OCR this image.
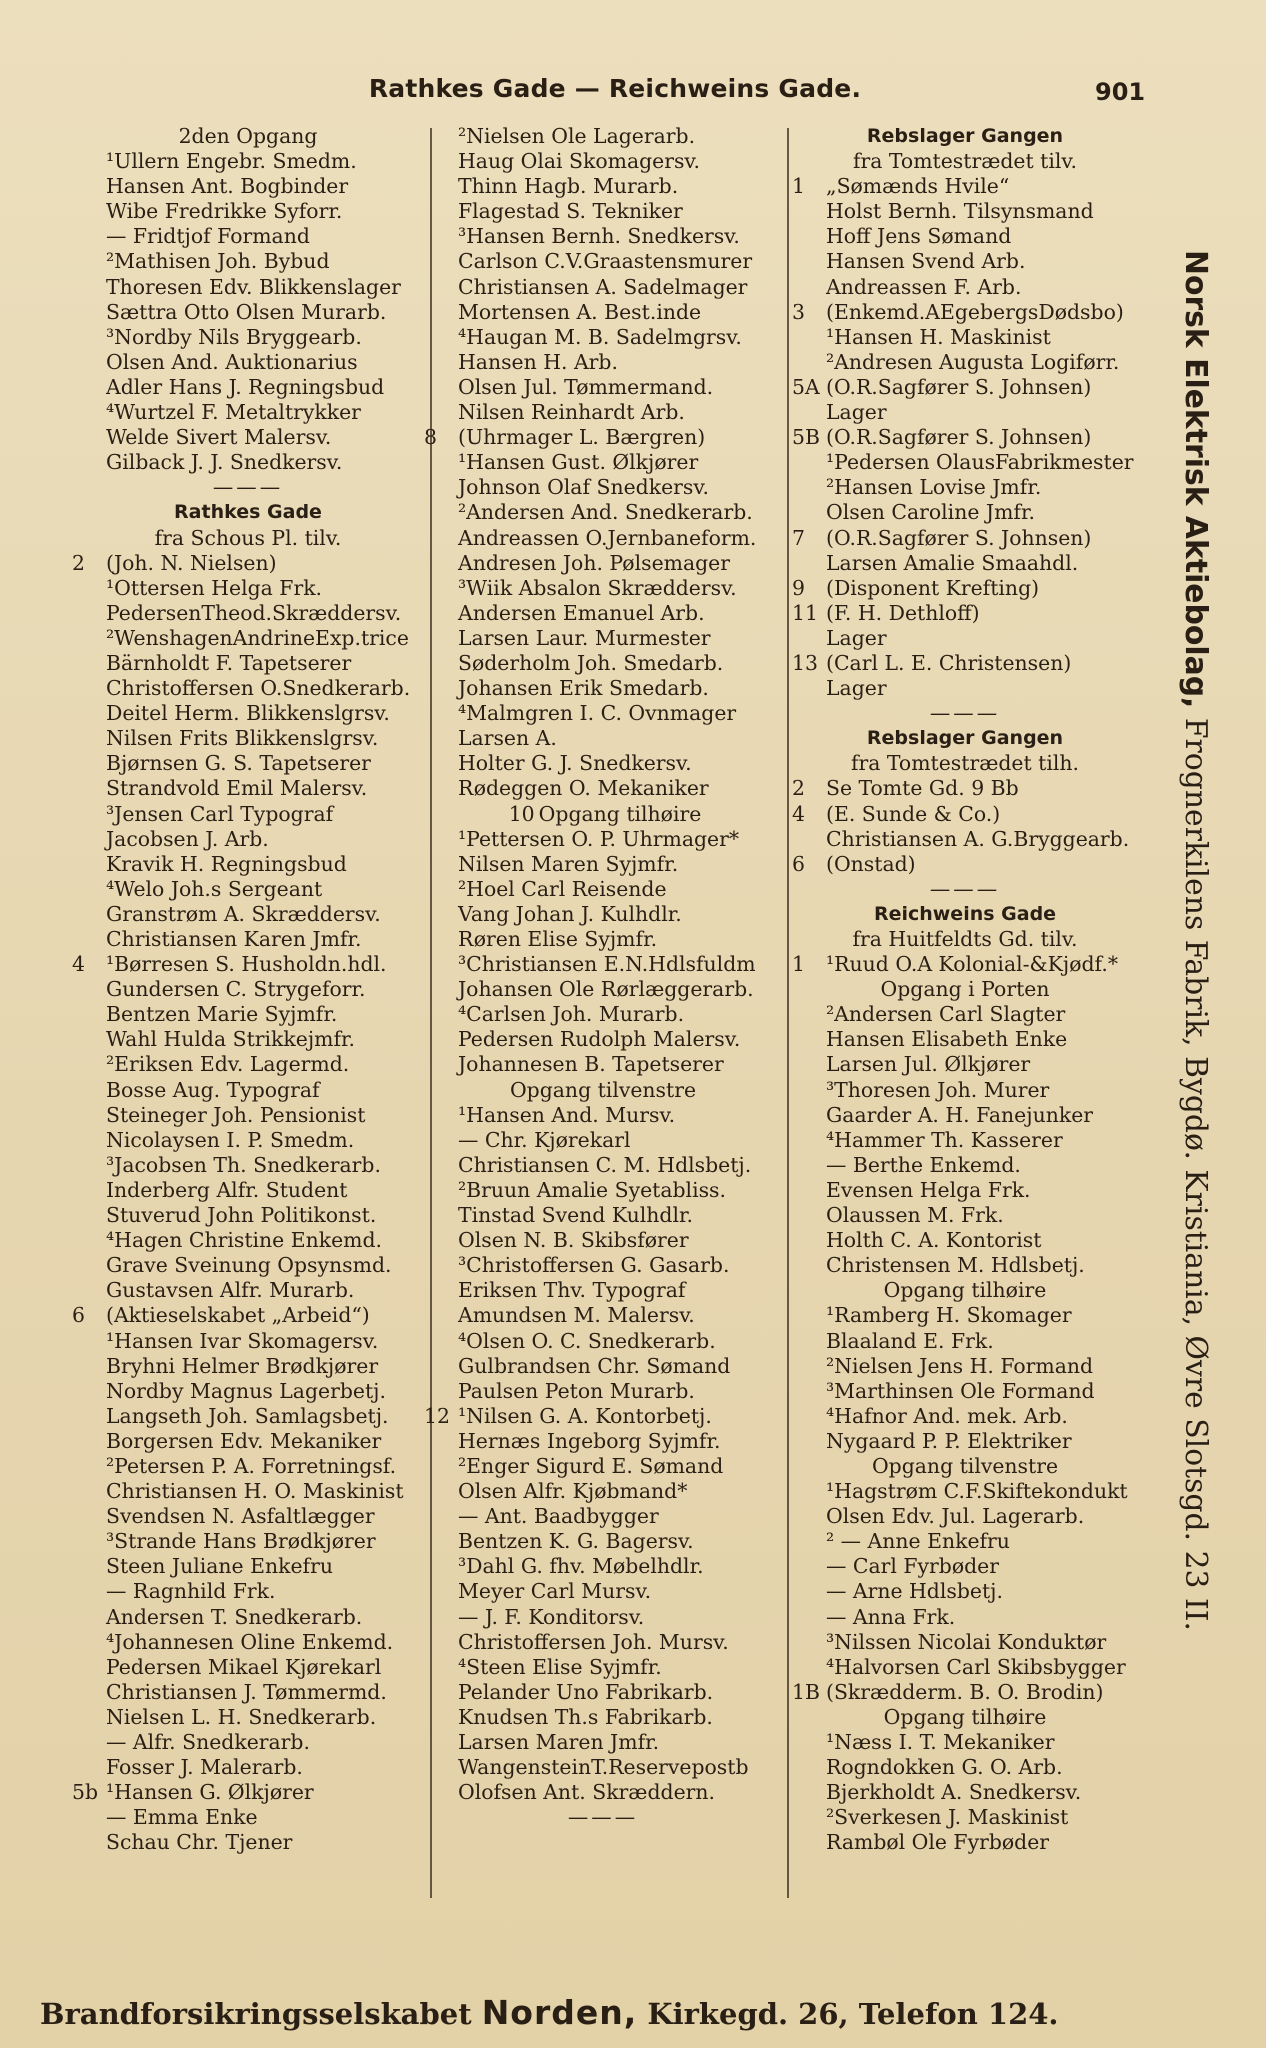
Rathkes Gade — Reichweins Gade.	901
2den Opgang
¹Ullern Engebr. Smedm.
Hansen Ant. Bogbinder
Wibe Fredrikke Syforr.
— Fridtjof Formand
²Mathisen Joh. Bybud
Thoresen Edv. Blikkenslager
Sættra Otto Olsen Murarb.
³Nordby Nils Bryggearb.
Olsen And. Auktionarius
Adler Hans J. Regningsbud
⁴Wurtzel F. Metaltrykker
Welde Sivert Malersv.
Gilback J. J. Snedkersv.
———
Rathkes Gade
fra Schous Pl. tilv.
2 (Joh. N. Nielsen)
¹Ottersen Helga Frk.
PedersenTheod.Skræddersv.
²WenshagenAndrineExp.trice
Bärnholdt F. Tapetserer
Christoffersen O.Snedkerarb.
Deitel Herm. Blikkenslgrsv.
Nilsen Frits Blikkenslgrsv.
Bjørnsen G. S. Tapetserer
Strandvold Emil Malersv.
³Jensen Carl Typograf
Jacobsen J. Arb.
Kravik H. Regningsbud
⁴Welo Joh.s Sergeant
Granstrøm A. Skræddersv.
Christiansen Karen Jmfr.
4 ¹Børresen S. Husholdn.hdl.
Gundersen C. Strygeforr.
Bentzen Marie Syjmfr.
Wahl Hulda Strikkejmfr.
²Eriksen Edv. Lagermd.
Bosse Aug. Typograf
Steineger Joh. Pensionist
Nicolaysen I. P. Smedm.
³Jacobsen Th. Snedkerarb.
Inderberg Alfr. Student
Stuverud John Politikonst.
⁴Hagen Christine Enkemd.
Grave Sveinung Opsynsmd.
Gustavsen Alfr. Murarb.
6 (Aktieselskabet „Arbeid“)
¹Hansen Ivar Skomagersv.
Bryhni Helmer Brødkjører
Nordby Magnus Lagerbetj.
Langseth Joh. Samlagsbetj.
Borgersen Edv. Mekaniker
²Petersen P. A. Forretningsf.
Christiansen H. O. Maskinist
Svendsen N. Asfaltlægger
³Strande Hans Brødkjører
Steen Juliane Enkefru
— Ragnhild Frk.
Andersen T. Snedkerarb.
⁴Johannesen Oline Enkemd.
Pedersen Mikael Kjørekarl
Christiansen J. Tømmermd.
Nielsen L. H. Snedkerarb.
— Alfr. Snedkerarb.
Fosser J. Malerarb.
5b ¹Hansen G. Ølkjører
— Emma Enke
Schau Chr. Tjener
²Nielsen Ole Lagerarb.
Haug Olai Skomagersv.
Thinn Hagb. Murarb.
Flagestad S. Tekniker
³Hansen Bernh. Snedkersv.
Carlson C.V.Graastensmurer
Christiansen A. Sadelmager
Mortensen A. Best.inde
⁴Haugan M. B. Sadelmgrsv.
Hansen H. Arb.
Olsen Jul. Tømmermand.
Nilsen Reinhardt Arb.
8 (Uhrmager L. Bærgren)
¹Hansen Gust. Ølkjører
Johnson Olaf Snedkersv.
²Andersen And. Snedkerarb.
Andreassen O.Jernbaneform.
Andresen Joh. Pølsemager
³Wiik Absalon Skræddersv.
Andersen Emanuel Arb.
Larsen Laur. Murmester
Søderholm Joh. Smedarb.
Johansen Erik Smedarb.
⁴Malmgren I. C. Ovnmager
Larsen A.
Holter G. J. Snedkersv.
Rødeggen O. Mekaniker
10 Opgang tilhøire
¹Pettersen O. P. Uhrmager*
Nilsen Maren Syjmfr.
²Hoel Carl Reisende
Vang Johan J. Kulhdlr.
Røren Elise Syjmfr.
³Christiansen E.N.Hdlsfuldm
Johansen Ole Rørlæggerarb.
⁴Carlsen Joh. Murarb.
Pedersen Rudolph Malersv.
Johannesen B. Tapetserer
Opgang tilvenstre
¹Hansen And. Mursv.
— Chr. Kjørekarl
Christiansen C. M. Hdlsbetj.
²Bruun Amalie Syetabliss.
Tinstad Svend Kulhdlr.
Olsen N. B. Skibsfører
³Christoffersen G. Gasarb.
Eriksen Thv. Typograf
Amundsen M. Malersv.
⁴Olsen O. C. Snedkerarb.
Gulbrandsen Chr. Sømand
Paulsen Peton Murarb.
12 ¹Nilsen G. A. Kontorbetj.
Hernæs Ingeborg Syjmfr.
²Enger Sigurd E. Sømand
Olsen Alfr. Kjøbmand*
— Ant. Baadbygger
Bentzen K. G. Bagersv.
³Dahl G. fhv. Møbelhdlr.
Meyer Carl Mursv.
— J. F. Konditorsv.
Christoffersen Joh. Mursv.
⁴Steen Elise Syjmfr.
Pelander Uno Fabrikarb.
Knudsen Th.s Fabrikarb.
Larsen Maren Jmfr.
WangensteinT.Reservepostb
Olofsen Ant. Skræddern.
———
Rebslager Gangen
fra Tomtestrædet tilv.
1 „Sømænds Hvile“
Holst Bernh. Tilsynsmand
Hoff Jens Sømand
Hansen Svend Arb.
Andreassen F. Arb.
3 (Enkemd.AEgebergsDødsbo)
¹Hansen H. Maskinist
²Andresen Augusta Logiførr.
5A (O.R.Sagfører S. Johnsen)
Lager
5B (O.R.Sagfører S. Johnsen)
¹Pedersen OlausFabrikmester
²Hansen Lovise Jmfr.
Olsen Caroline Jmfr.
7 (O.R.Sagfører S. Johnsen)
Larsen Amalie Smaahdl.
9 (Disponent Krefting)
11 (F. H. Dethloff)
Lager
13 (Carl L. E. Christensen)
Lager
———
Rebslager Gangen
fra Tomtestrædet tilh.
2 Se Tomte Gd. 9 Bb
4 (E. Sunde & Co.)
Christiansen A. G.Bryggearb.
6 (Onstad)
———
Reichweins Gade
fra Huitfeldts Gd. tilv.
1 ¹Ruud O.A Kolonial-&Kjødf.*
Opgang i Porten
²Andersen Carl Slagter
Hansen Elisabeth Enke
Larsen Jul. Ølkjører
³Thoresen Joh. Murer
Gaarder A. H. Fanejunker
⁴Hammer Th. Kasserer
— Berthe Enkemd.
Evensen Helga Frk.
Olaussen M. Frk.
Holth C. A. Kontorist
Christensen M. Hdlsbetj.
Opgang tilhøire
¹Ramberg H. Skomager
Blaaland E. Frk.
²Nielsen Jens H. Formand
³Marthinsen Ole Formand
⁴Hafnor And. mek. Arb.
Nygaard P. P. Elektriker
Opgang tilvenstre
¹Hagstrøm C.F.Skiftekondukt
Olsen Edv. Jul. Lagerarb.
² — Anne Enkefru
— Carl Fyrbøder
— Arne Hdlsbetj.
— Anna Frk.
³Nilssen Nicolai Konduktør
⁴Halvorsen Carl Skibsbygger
1B (Skrædderm. B. O. Brodin)
Opgang tilhøire
¹Næss I. T. Mekaniker
Rogndokken G. O. Arb.
Bjerkholdt A. Snedkersv.
²Sverkesen J. Maskinist
Rambøl Ole Fyrbøder
Norsk Elektrisk Aktiebolag, Frognerkilens Fabrik, Bygdø. Kristiania, Øvre Slotsgd. 23 II.
Brandforsikringsselskabet Norden, Kirkegd. 26, Telefon 124.
